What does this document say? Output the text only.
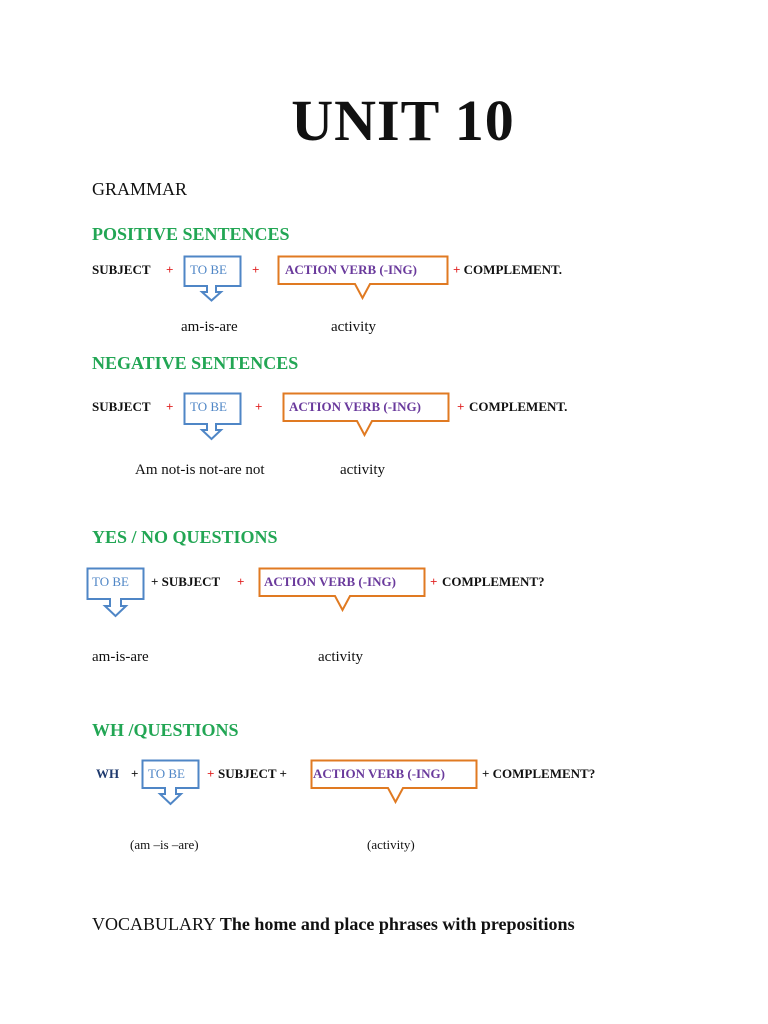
UNIT 10
GRAMMAR
POSITIVE SENTENCES
SUBJECT + TO BE + ACTION VERB (-ING)	+ COMPLEMENT.
am-is-are	activity
NEGATIVE SENTENCES
SUBJECT + TO BE + ACTION VERB (-ING)	+ COMPLEMENT.
Am not-is not-are not	activity
YES / NO QUESTIONS
TO BE + SUBJECT + ACTION VERB (-ING)	+ COMPLEMENT?
am-is-are	activity
WH /QUESTIONS
WH + TO BE + SUBJECT + ACTION VERB (-ING)	+ COMPLEMENT?
(am –is –are)	(activity)
VOCABULARY The home and place phrases with prepositions
